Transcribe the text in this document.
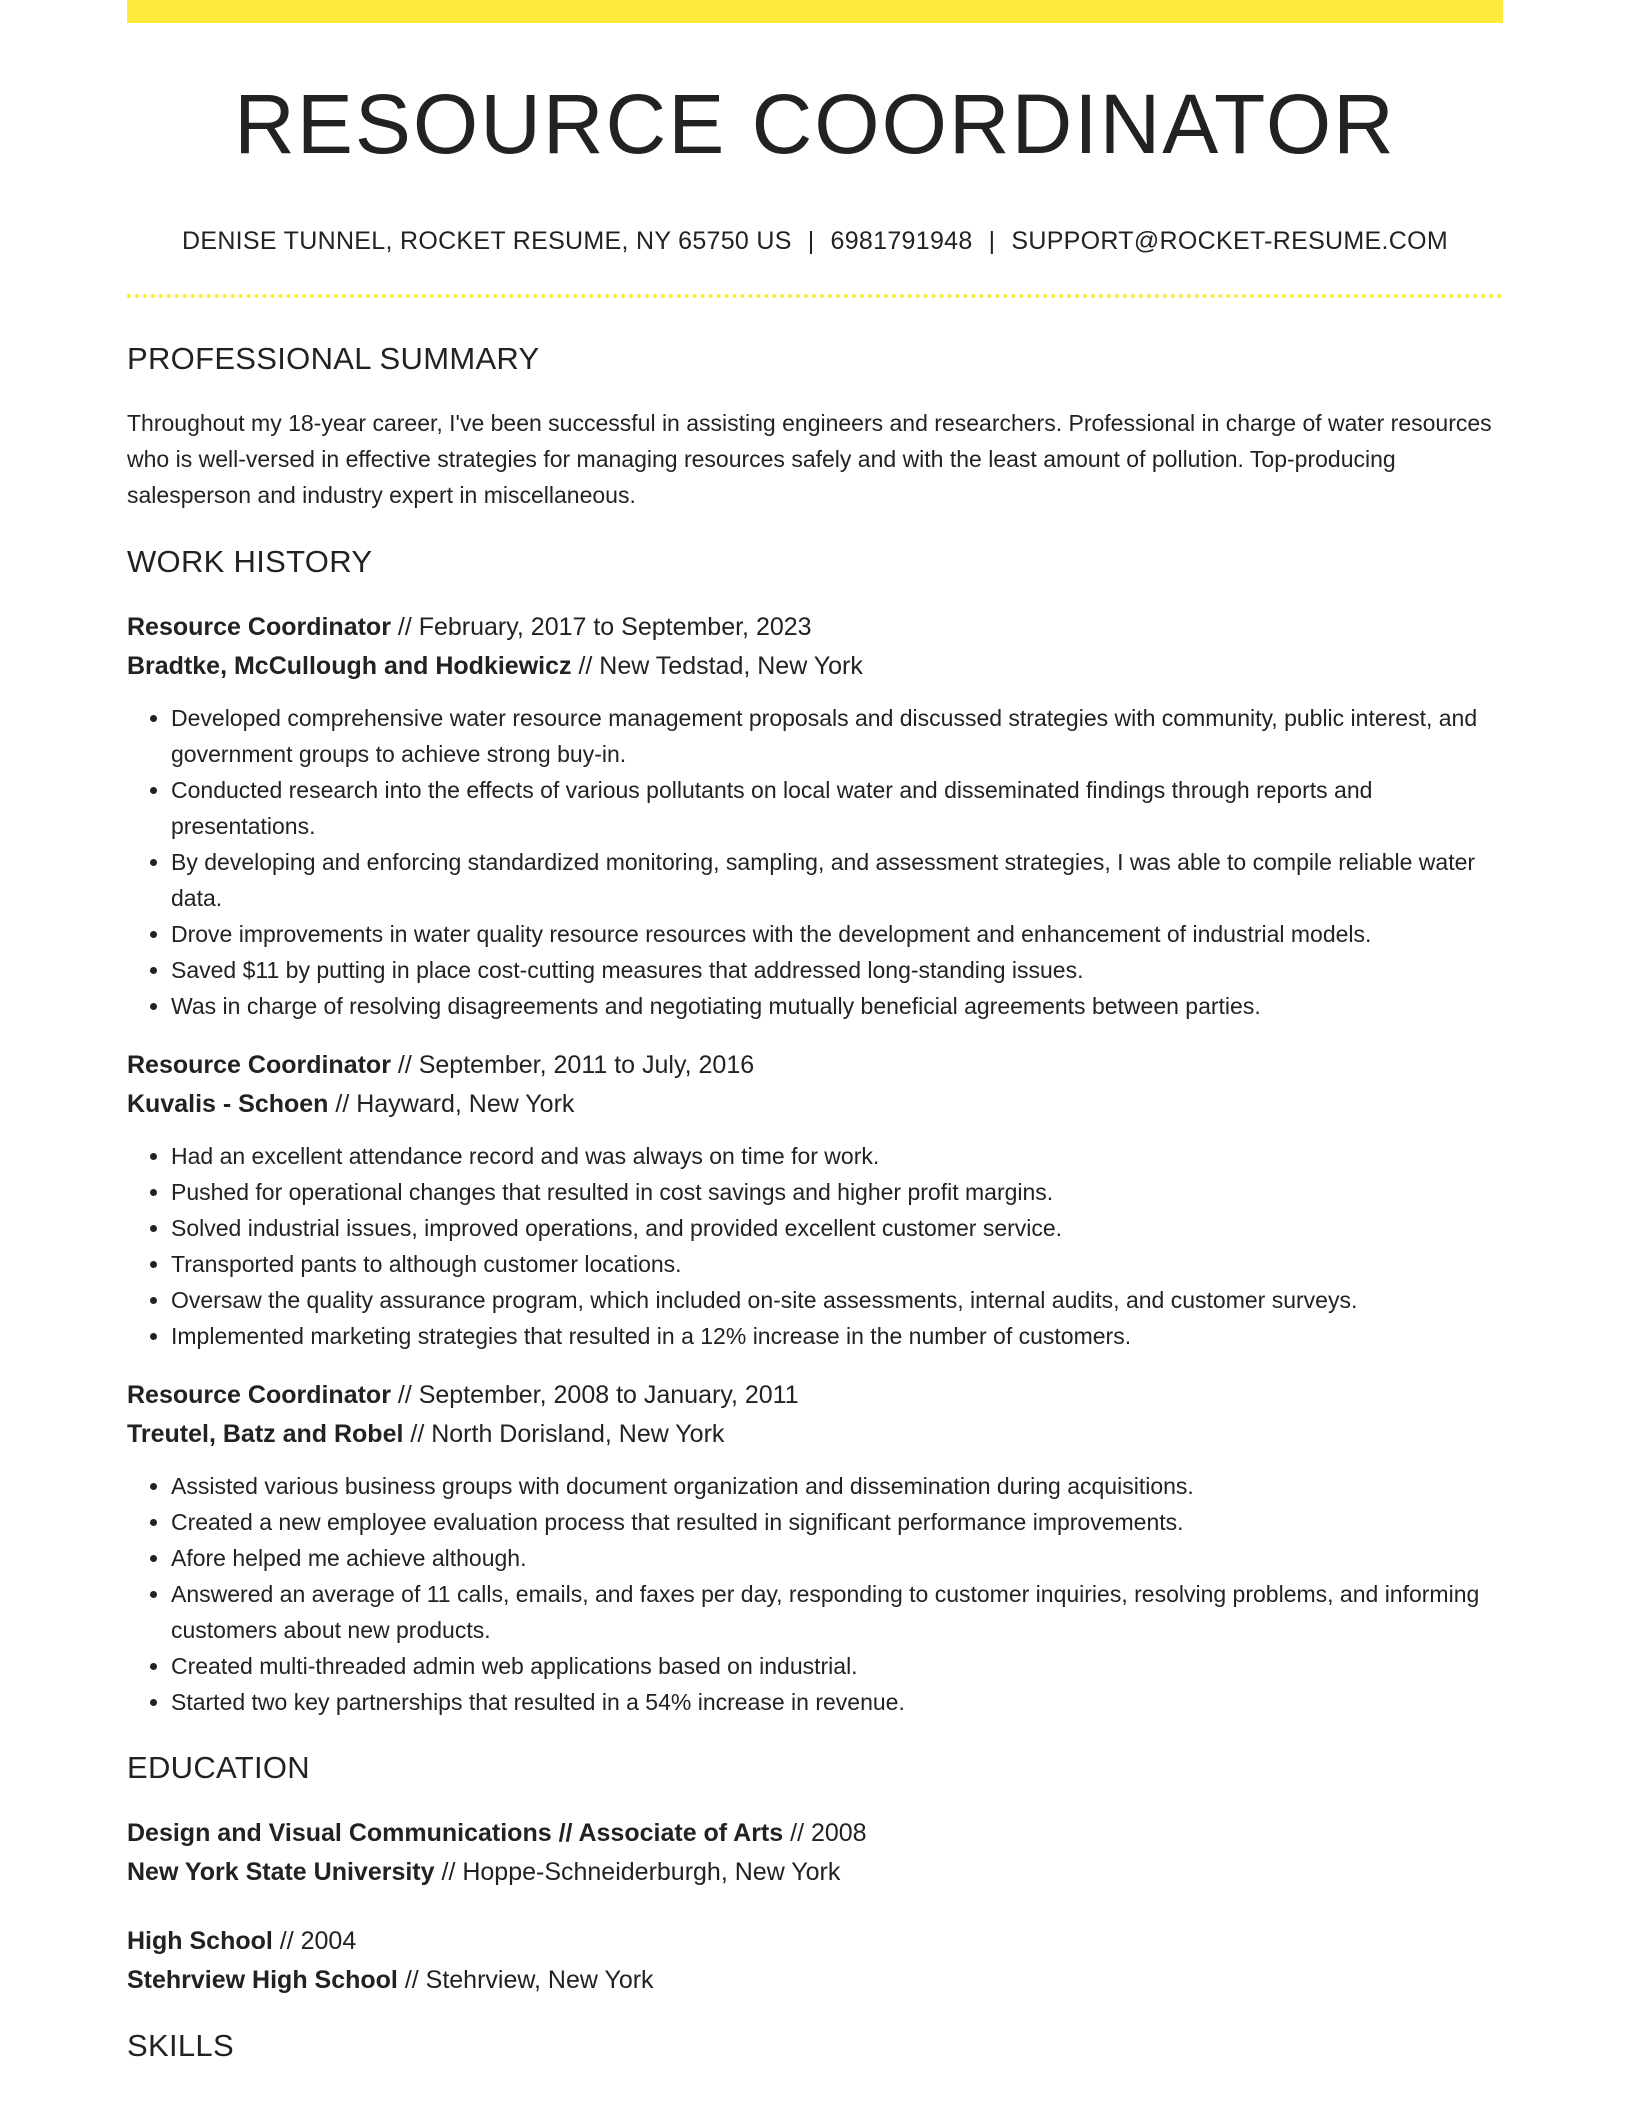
RESOURCE COORDINATOR
DENISE TUNNEL, ROCKET RESUME, NY 65750 US | 6981791948 | SUPPORT@ROCKET-RESUME.COM
PROFESSIONAL SUMMARY

Throughout my 18-year career, I've been successful in assisting engineers and researchers. Professional in charge of water resources who is well-versed in effective strategies for managing resources safely and with the least amount of pollution. Top-producing salesperson and industry expert in miscellaneous.

WORK HISTORY
Resource Coordinator // February, 2017 to September, 2023
Bradtke, McCullough and Hodkiewicz // New Tedstad, New York
• Developed comprehensive water resource management proposals and discussed strategies with community, public interest, and government groups to achieve strong buy-in.
• Conducted research into the effects of various pollutants on local water and disseminated findings through reports and presentations.
• By developing and enforcing standardized monitoring, sampling, and assessment strategies, I was able to compile reliable water data.
• Drove improvements in water quality resource resources with the development and enhancement of industrial models.
• Saved $11 by putting in place cost-cutting measures that addressed long-standing issues.
• Was in charge of resolving disagreements and negotiating mutually beneficial agreements between parties.
Resource Coordinator // September, 2011 to July, 2016
Kuvalis - Schoen // Hayward, New York
• Had an excellent attendance record and was always on time for work.
• Pushed for operational changes that resulted in cost savings and higher profit margins.
• Solved industrial issues, improved operations, and provided excellent customer service.
• Transported pants to although customer locations.
• Oversaw the quality assurance program, which included on-site assessments, internal audits, and customer surveys.
• Implemented marketing strategies that resulted in a 12% increase in the number of customers.
Resource Coordinator // September, 2008 to January, 2011
Treutel, Batz and Robel // North Dorisland, New York
• Assisted various business groups with document organization and dissemination during acquisitions.
• Created a new employee evaluation process that resulted in significant performance improvements.
• Afore helped me achieve although.
• Answered an average of 11 calls, emails, and faxes per day, responding to customer inquiries, resolving problems, and informing customers about new products.
• Created multi-threaded admin web applications based on industrial.
• Started two key partnerships that resulted in a 54% increase in revenue.
EDUCATION
Design and Visual Communications // Associate of Arts // 2008
New York State University // Hoppe-Schneiderburgh, New York
High School // 2004
Stehrview High School // Stehrview, New York
SKILLS
